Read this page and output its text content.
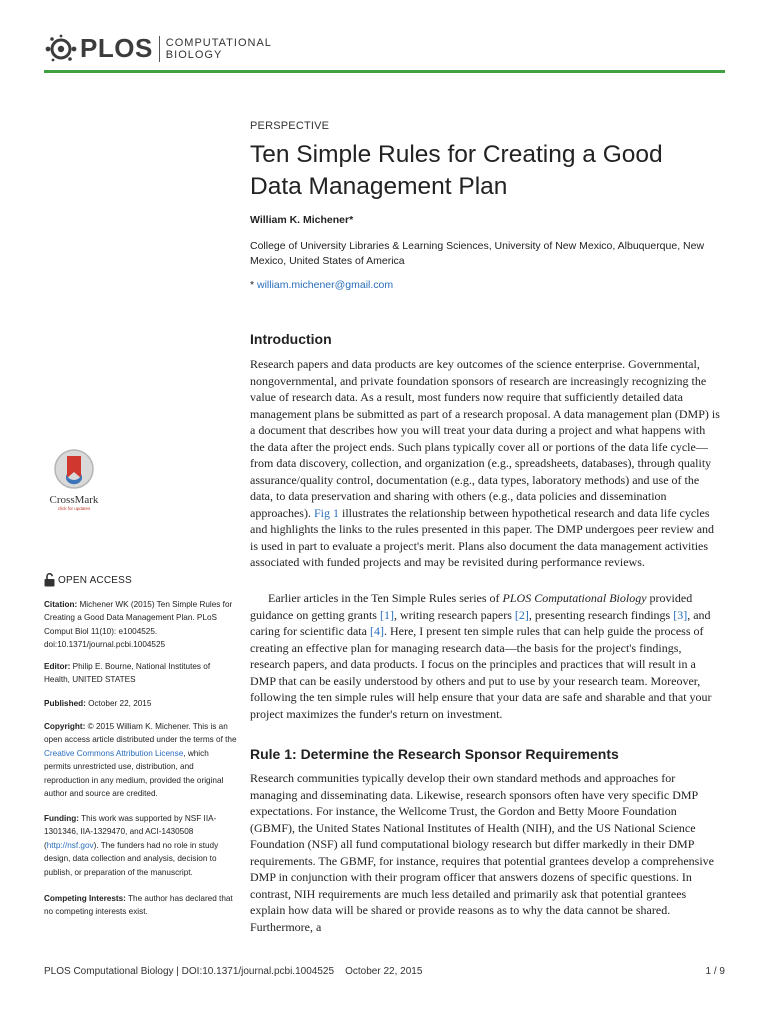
PLOS COMPUTATIONAL
BIOLOGY
PERSPECTIVE
Ten Simple Rules for Creating a Good Data Management Plan
William K. Michener*
College of University Libraries & Learning Sciences, University of New Mexico, Albuquerque, New Mexico, United States of America
* william.michener@gmail.com
CrossMark
click for updates
OPEN ACCESS
Citation: Michener WK (2015) Ten Simple Rules for Creating a Good Data Management Plan. PLoS Comput Biol 11(10): e1004525. doi:10.1371/journal.pcbi.1004525
Editor: Philip E. Bourne, National Institutes of Health, UNITED STATES
Published: October 22, 2015
Copyright: © 2015 William K. Michener. This is an open access article distributed under the terms of the Creative Commons Attribution License, which permits unrestricted use, distribution, and reproduction in any medium, provided the original author and source are credited.
Funding: This work was supported by NSF IIA-1301346, IIA-1329470, and ACI-1430508 (http://nsf.gov). The funders had no role in study design, data collection and analysis, decision to publish, or preparation of the manuscript.
Competing Interests: The author has declared that no competing interests exist.
Introduction

Research papers and data products are key outcomes of the science enterprise. Governmental, nongovernmental, and private foundation sponsors of research are increasingly recognizing the value of research data. As a result, most funders now require that sufficiently detailed data management plans be submitted as part of a research proposal. A data management plan (DMP) is a document that describes how you will treat your data during a project and what happens with the data after the project ends. Such plans typically cover all or portions of the data life cycle—from data discovery, collection, and organization (e.g., spreadsheets, databases), through quality assurance/quality control, documentation (e.g., data types, laboratory methods) and use of the data, to data preservation and sharing with others (e.g., data policies and dissemination approaches). Fig 1 illustrates the relationship between hypothetical research and data life cycles and highlights the links to the rules presented in this paper. The DMP undergoes peer review and is used in part to evaluate a project's merit. Plans also document the data management activities associated with funded projects and may be revisited during performance reviews.

Earlier articles in the Ten Simple Rules series of PLOS Computational Biology provided guidance on getting grants [1], writing research papers [2], presenting research findings [3], and caring for scientific data [4]. Here, I present ten simple rules that can help guide the process of creating an effective plan for managing research data—the basis for the project's findings, research papers, and data products. I focus on the principles and practices that will result in a DMP that can be easily understood by others and put to use by your research team. Moreover, following the ten simple rules will help ensure that your data are safe and sharable and that your project maximizes the funder's return on investment.

Rule 1: Determine the Research Sponsor Requirements

Research communities typically develop their own standard methods and approaches for managing and disseminating data. Likewise, research sponsors often have very specific DMP expectations. For instance, the Wellcome Trust, the Gordon and Betty Moore Foundation (GBMF), the United States National Institutes of Health (NIH), and the US National Science Foundation (NSF) all fund computational biology research but differ markedly in their DMP requirements. The GBMF, for instance, requires that potential grantees develop a comprehensive DMP in conjunction with their program officer that answers dozens of specific questions. In contrast, NIH requirements are much less detailed and primarily ask that potential grantees explain how data will be shared or provide reasons as to why the data cannot be shared. Furthermore, a

PLOS Computational Biology | DOI:10.1371/journal.pcbi.1004525    October 22, 2015	1 / 9
